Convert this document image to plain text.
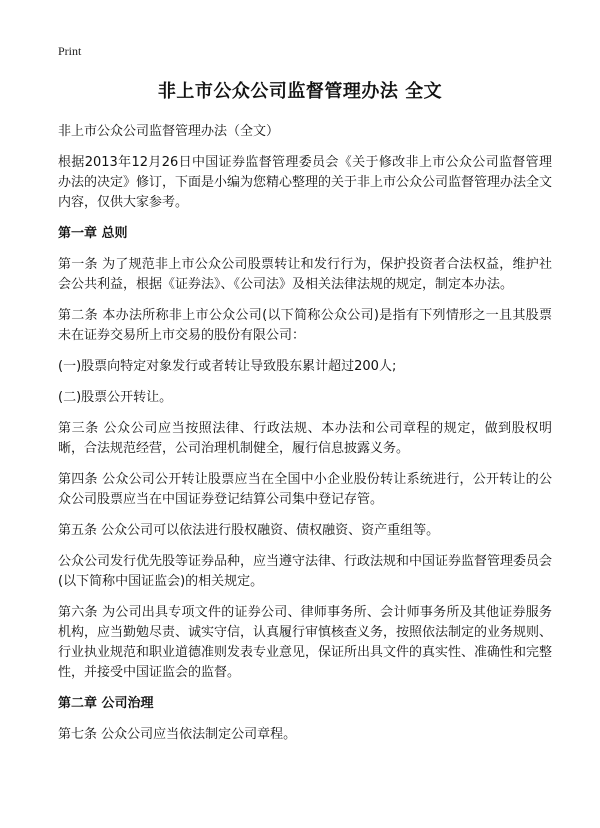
Print
非上市公众公司监督管理办法 全文

非上市公众公司监督管理办法（全文）

根据2013年12月26日中国证券监督管理委员会《关于修改非上市公众公司监督管理办法的决定》修订，下面是小编为您精心整理的关于非上市公众公司监督管理办法全文内容，仅供大家参考。

第一章 总则

第一条 为了规范非上市公众公司股票转让和发行行为，保护投资者合法权益，维护社会公共利益，根据《证券法》、《公司法》及相关法律法规的规定，制定本办法。

第二条 本办法所称非上市公众公司(以下简称公众公司)是指有下列情形之一且其股票未在证券交易所上市交易的股份有限公司：

(一)股票向特定对象发行或者转让导致股东累计超过200人;

(二)股票公开转让。

第三条 公众公司应当按照法律、行政法规、本办法和公司章程的规定，做到股权明晰，合法规范经营，公司治理机制健全，履行信息披露义务。

第四条 公众公司公开转让股票应当在全国中小企业股份转让系统进行，公开转让的公众公司股票应当在中国证券登记结算公司集中登记存管。

第五条 公众公司可以依法进行股权融资、债权融资、资产重组等。

公众公司发行优先股等证券品种，应当遵守法律、行政法规和中国证券监督管理委员会(以下简称中国证监会)的相关规定。

第六条 为公司出具专项文件的证券公司、律师事务所、会计师事务所及其他证券服务机构，应当勤勉尽责、诚实守信，认真履行审慎核查义务，按照依法制定的业务规则、行业执业规范和职业道德准则发表专业意见，保证所出具文件的真实性、准确性和完整性，并接受中国证监会的监督。

第二章 公司治理

第七条 公众公司应当依法制定公司章程。
